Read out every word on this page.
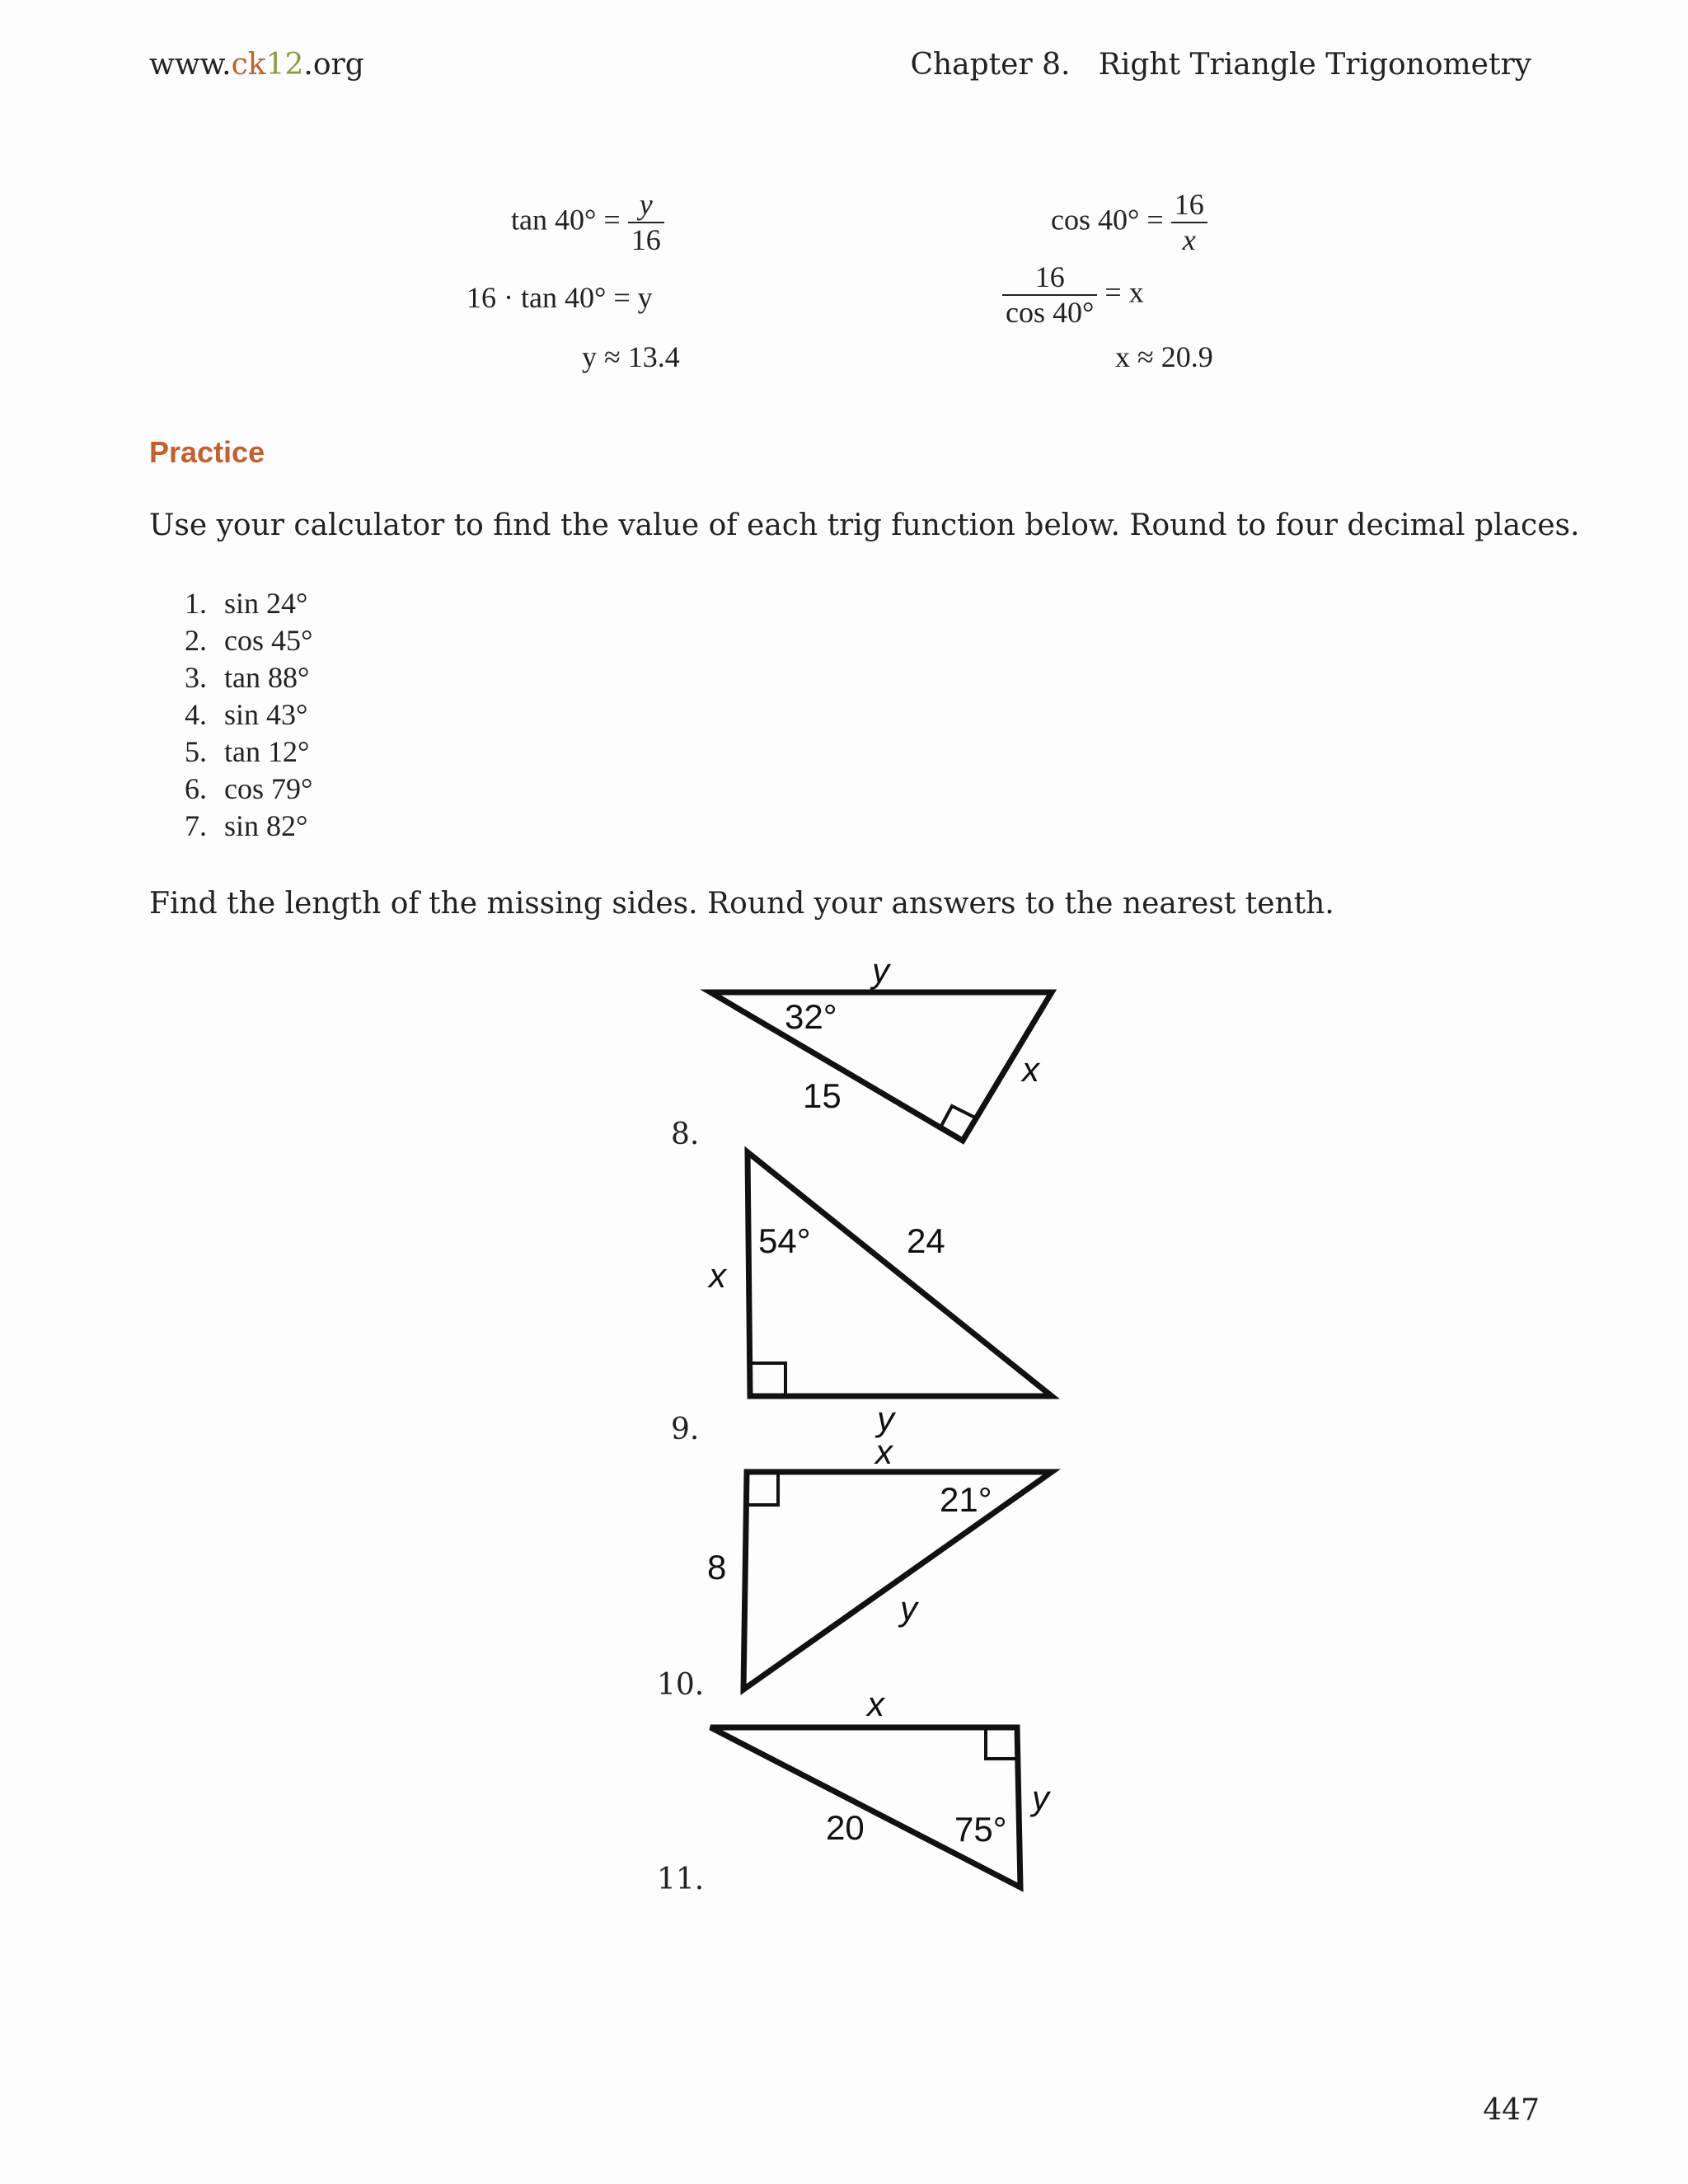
www.ck12.org	Chapter 8.   Right Triangle Trigonometry
$\tan 40^\circ = \frac{y}{16}$
16 · tan 40° = y
y ≈ 13.4
$\cos 40^\circ = \frac{16}{x}$
$\frac{16}{\cos 40^\circ} = x$
x ≈ 20.9
Practice
Use your calculator to find the value of each trig function below. Round to four decimal places.
1. sin 24°
2. cos 45°
3. tan 88°
4. sin 43°
5. tan 12°
6. cos 79°
7. sin 82°
Find the length of the missing sides. Round your answers to the nearest tenth.
8.
9.
10.
11.
y
32°
15
x
54°	24
x
y
x
21°
8
y
x
20	75°
y
447
